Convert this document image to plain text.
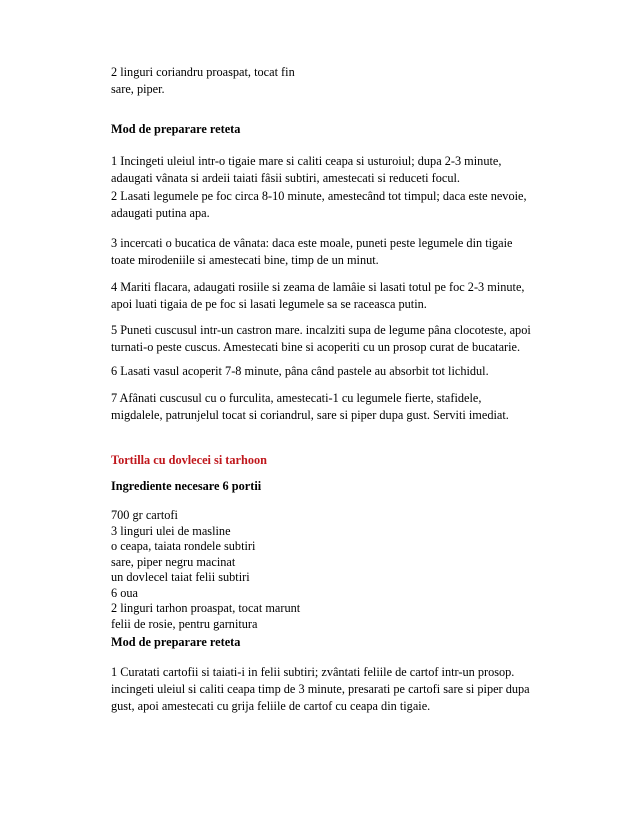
2 linguri coriandru proaspat, tocat fin
sare, piper.
Mod de preparare reteta
1 Incingeti uleiul intr-o tigaie mare si caliti ceapa si usturoiul; dupa 2-3 minute,
adaugati vânata si ardeii taiati fâsii subtiri, amestecati si reduceti focul.
2 Lasati legumele pe foc circa 8-10 minute, amestecând tot timpul; daca este nevoie,
adaugati putina apa.
3 incercati o bucatica de vânata: daca este moale, puneti peste legumele din tigaie
toate mirodeniile si amestecati bine, timp de un minut.
4 Mariti flacara, adaugati rosiile si zeama de lamâie si lasati totul pe foc 2-3 minute,
apoi luati tigaia de pe foc si lasati legumele sa se raceasca putin.
5 Puneti cuscusul intr-un castron mare. incalziti supa de legume pâna clocoteste, apoi
turnati-o peste cuscus. Amestecati bine si acoperiti cu un prosop curat de bucatarie.
6 Lasati vasul acoperit 7-8 minute, pâna când pastele au absorbit tot lichidul.
7 Afânati cuscusul cu o furculita, amestecati-1 cu legumele fierte, stafidele,
migdalele, patrunjelul tocat si coriandrul, sare si piper dupa gust. Serviti imediat.
Tortilla cu dovlecei si tarhoon
Ingrediente necesare 6 portii
700 gr cartofi
3 linguri ulei de masline
o ceapa, taiata rondele subtiri
sare, piper negru macinat
un dovlecel taiat felii subtiri
6 oua
2 linguri tarhon proaspat, tocat marunt
felii de rosie, pentru garnitura
Mod de preparare reteta
1 Curatati cartofii si taiati-i in felii subtiri; zvântati feliile de cartof intr-un prosop.
incingeti uleiul si caliti ceapa timp de 3 minute, presarati pe cartofi sare si piper dupa
gust, apoi amestecati cu grija feliile de cartof cu ceapa din tigaie.
